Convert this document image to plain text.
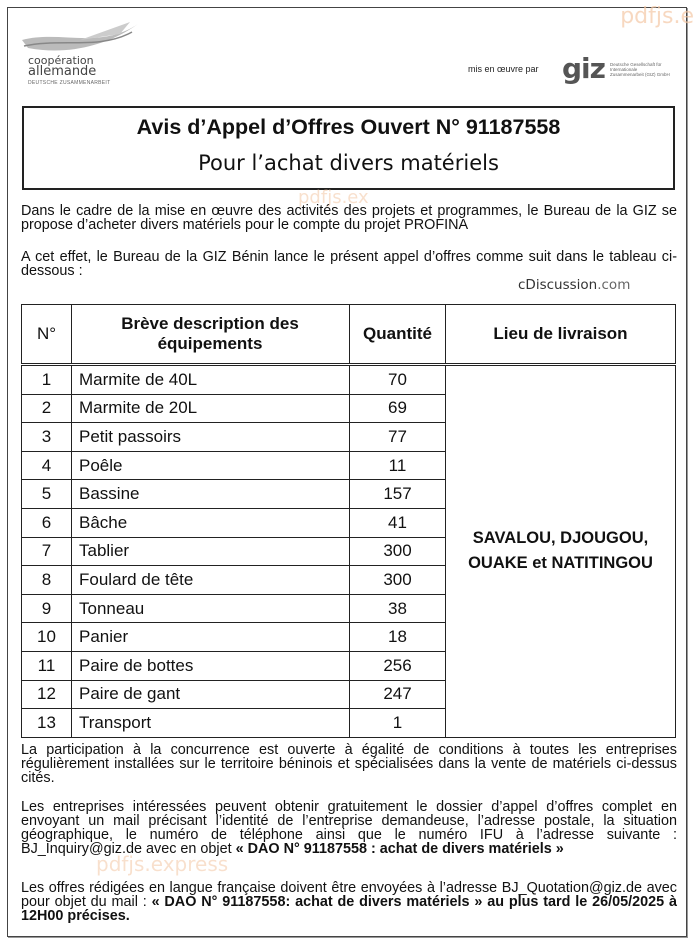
coopération
allemande
DEUTSCHE ZUSAMMENARBEIT
mis en œuvre par giz Deutsche Gesellschaft für Internationale Zusammenarbeit (GIZ) GmbH
pdfjs.e
Avis d’Appel d’Offres Ouvert N° 91187558
Pour l’achat divers matériels
pdfjs.ex
Dans le cadre de la mise en œuvre des activités des projets et programmes, le Bureau de la GIZ se propose d’acheter divers matériels pour le compte du projet PROFINA
A cet effet, le Bureau de la GIZ Bénin lance le présent appel d’offres comme suit dans le tableau ci-dessous :
cDiscussion.com
N°	Brève description des équipements	Quantité	Lieu de livraison
1	Marmite de 40L	70	SAVALOU, DJOUGOU,
OUAKE et NATITINGOU

2	Marmite de 20L	69	
3	Petit passoirs	77	
4	Poêle	11	
5	Bassine	157	
6	Bâche	41	
7	Tablier	300	
8	Foulard de tête	300	
9	Tonneau	38	
10	Panier	18	
11	Paire de bottes	256	
12	Paire de gant	247	
13	Transport	1	
La participation à la concurrence est ouverte à égalité de conditions à toutes les entreprises régulièrement installées sur le territoire béninois et spécialisées dans la vente de matériels ci-dessus cités.
Les entreprises intéressées peuvent obtenir gratuitement le dossier d’appel d’offres complet en envoyant un mail précisant l’identité de l’entreprise demandeuse, l’adresse postale, la situation géographique, le numéro de téléphone ainsi que le numéro IFU à l’adresse suivante : BJ_Inquiry@giz.de avec en objet « DAO N° 91187558 : achat de divers matériels »
pdfjs.express
Les offres rédigées en langue française doivent être envoyées à l’adresse BJ_Quotation@giz.de avec pour objet du mail : « DAO N° 91187558: achat de divers matériels » au plus tard le 26/05/2025 à 12H00 précises.
